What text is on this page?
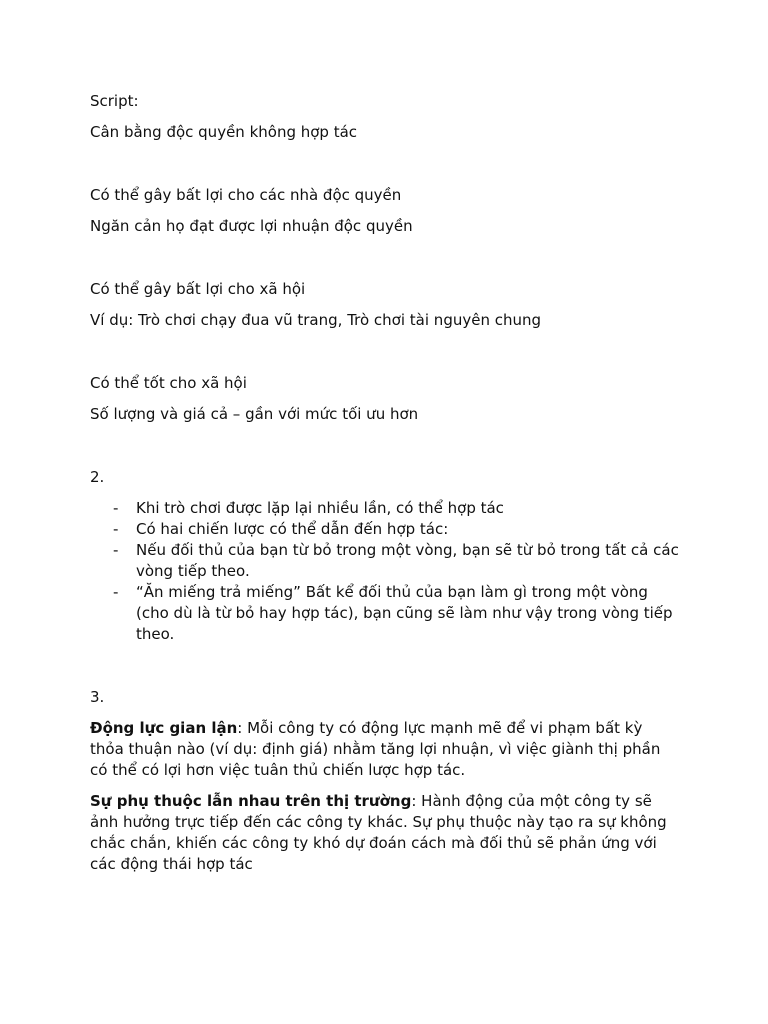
Script:

Cân bằng độc quyền không hợp tác

Có thể gây bất lợi cho các nhà độc quyền

Ngăn cản họ đạt được lợi nhuận độc quyền

Có thể gây bất lợi cho xã hội

Ví dụ: Trò chơi chạy đua vũ trang, Trò chơi tài nguyên chung

Có thể tốt cho xã hội

Số lượng và giá cả – gần với mức tối ưu hơn

2.

- Khi trò chơi được lặp lại nhiều lần, có thể hợp tác
- Có hai chiến lược có thể dẫn đến hợp tác:
- Nếu đối thủ của bạn từ bỏ trong một vòng, bạn sẽ từ bỏ trong tất cả các vòng tiếp theo.
- “Ăn miếng trả miếng” Bất kể đối thủ của bạn làm gì trong một vòng (cho dù là từ bỏ hay hợp tác), bạn cũng sẽ làm như vậy trong vòng tiếp theo.

3.

Động lực gian lận: Mỗi công ty có động lực mạnh mẽ để vi phạm bất kỳ thỏa thuận nào (ví dụ: định giá) nhằm tăng lợi nhuận, vì việc giành thị phần có thể có lợi hơn việc tuân thủ chiến lược hợp tác.

Sự phụ thuộc lẫn nhau trên thị trường: Hành động của một công ty sẽ ảnh hưởng trực tiếp đến các công ty khác. Sự phụ thuộc này tạo ra sự không chắc chắn, khiến các công ty khó dự đoán cách mà đối thủ sẽ phản ứng với các động thái hợp tác
